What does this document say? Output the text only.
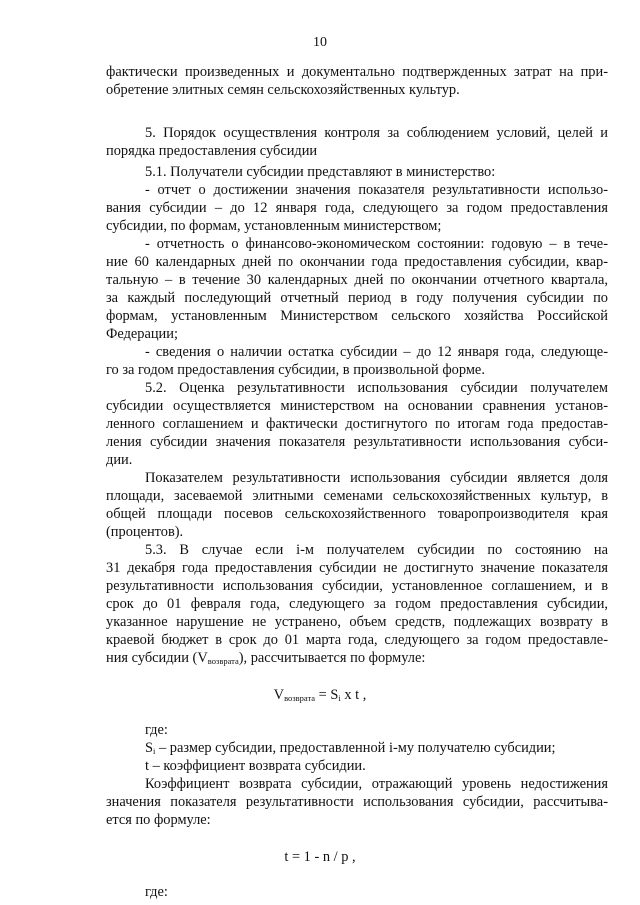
10
фактически произведенных и документально подтвержденных затрат на при-
обретение элитных семян сельскохозяйственных культур.
5. Порядок осуществления контроля за соблюдением условий, целей и
порядка предоставления субсидии
5.1. Получатели субсидии представляют в министерство:
- отчет о достижении значения показателя результативности использо-
вания субсидии – до 12 января года, следующего за годом предоставления
субсидии, по формам, установленным министерством;
- отчетность о финансово-экономическом состоянии: годовую – в тече-
ние 60 календарных дней по окончании года предоставления субсидии, квар-
тальную – в течение 30 календарных дней по окончании отчетного квартала,
за каждый последующий отчетный период в году получения субсидии по
формам, установленным Министерством сельского хозяйства Российской
Федерации;
- сведения о наличии остатка субсидии – до 12 января года, следующе-
го за годом предоставления субсидии, в произвольной форме.
5.2. Оценка результативности использования субсидии получателем
субсидии осуществляется министерством на основании сравнения установ-
ленного соглашением и фактически достигнутого по итогам года предостав-
ления субсидии значения показателя результативности использования субси-
дии.
Показателем результативности использования субсидии является доля
площади, засеваемой элитными семенами сельскохозяйственных культур, в
общей площади посевов сельскохозяйственного товаропроизводителя края
(процентов).
5.3. В случае если i-м получателем субсидии по состоянию на
31 декабря года предоставления субсидии не достигнуто значение показателя
результативности использования субсидии, установленное соглашением, и в
срок до 01 февраля года, следующего за годом предоставления субсидии,
указанное нарушение не устранено, объем средств, подлежащих возврату в
краевой бюджет в срок до 01 марта года, следующего за годом предоставле-
ния субсидии $(V_{возврата})$, рассчитывается по формуле:
$V_{возврата} = S_i$ x t ,
где:
$S_i$ – размер субсидии, предоставленной i-му получателю субсидии;
t – коэффициент возврата субсидии.
Коэффициент возврата субсидии, отражающий уровень недостижения
значения показателя результативности использования субсидии, рассчитыва-
ется по формуле:
t = 1 - n / p ,
где:
